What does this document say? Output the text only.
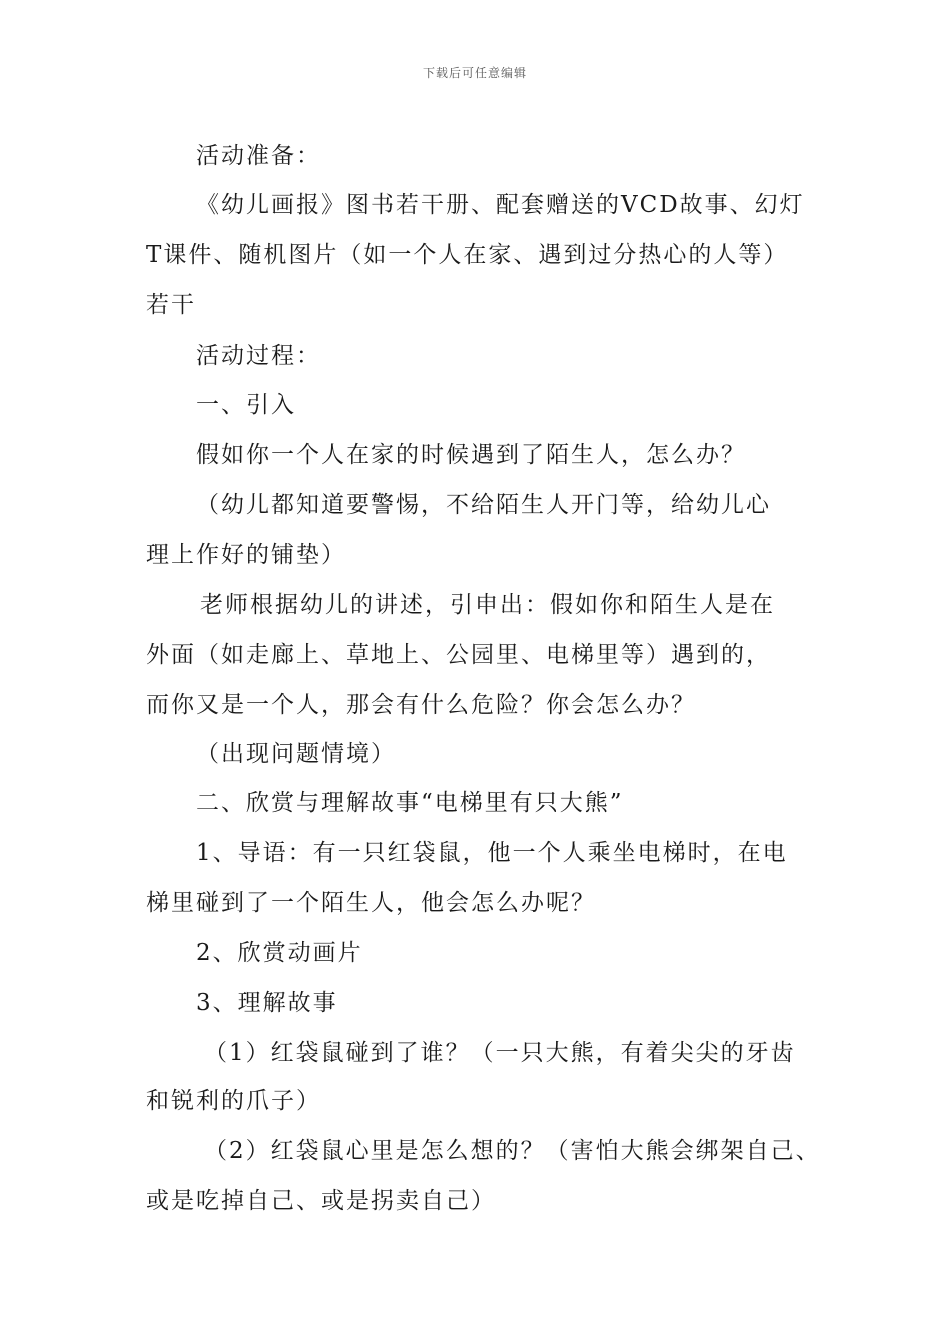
下载后可任意编辑
活动准备：
《幼儿画报》图书若干册、配套赠送的VCD故事、幻灯
T课件、随机图片（如一个人在家、遇到过分热心的人等）
若干
活动过程：
一、引入
假如你一个人在家的时候遇到了陌生人，怎么办？
（幼儿都知道要警惕，不给陌生人开门等，给幼儿心
理上作好的铺垫）
老师根据幼儿的讲述，引申出：假如你和陌生人是在
外面（如走廊上、草地上、公园里、电梯里等）遇到的，
而你又是一个人，那会有什么危险？你会怎么办？
（出现问题情境）
二、欣赏与理解故事“电梯里有只大熊”
1、导语：有一只红袋鼠，他一个人乘坐电梯时，在电
梯里碰到了一个陌生人，他会怎么办呢？
2、欣赏动画片
3、理解故事
（1）红袋鼠碰到了谁？（一只大熊，有着尖尖的牙齿
和锐利的爪子）
（2）红袋鼠心里是怎么想的？（害怕大熊会绑架自己、
或是吃掉自己、或是拐卖自己）
